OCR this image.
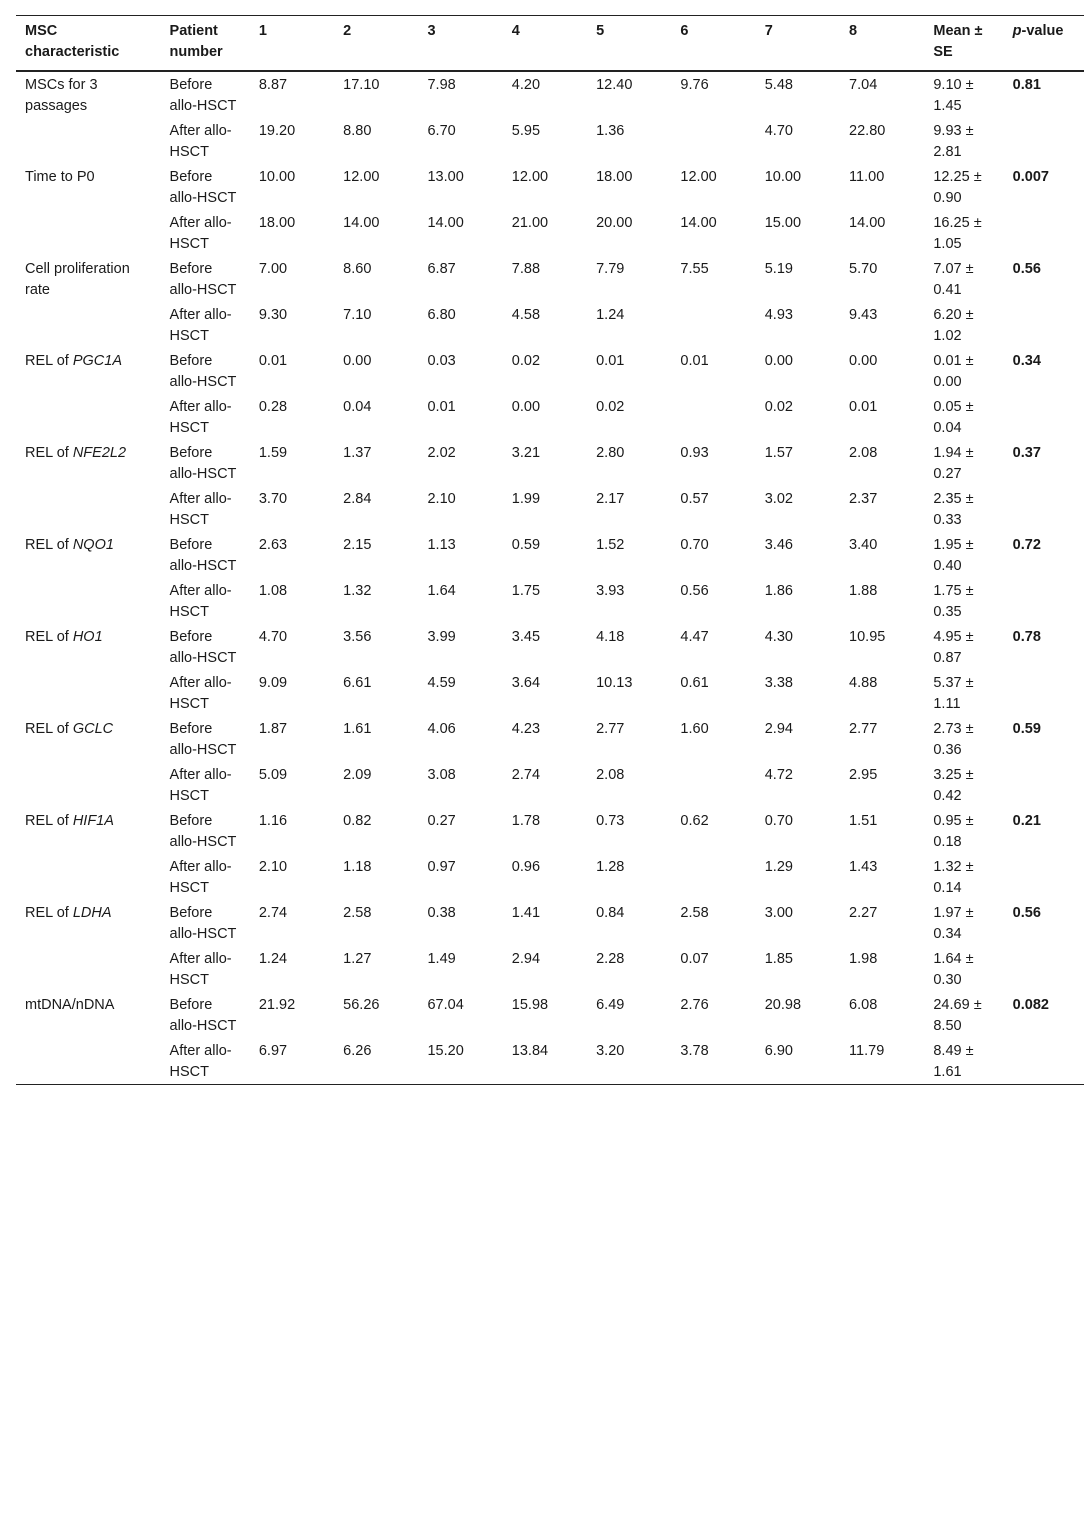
MSC characteristic	Patient number	1	2	3	4	5	6	7	8	Mean ± SE	p-value
MSCs for 3 passages	Before allo-HSCT	8.87	17.10	7.98	4.20	12.40	9.76	5.48	7.04	9.10 ± 1.45	0.81
	After allo-HSCT	19.20	8.80	6.70	5.95	1.36		4.70	22.80	9.93 ± 2.81	
Time to P0	Before allo-HSCT	10.00	12.00	13.00	12.00	18.00	12.00	10.00	11.00	12.25 ± 0.90	0.007
	After allo-HSCT	18.00	14.00	14.00	21.00	20.00	14.00	15.00	14.00	16.25 ± 1.05	
Cell proliferation rate	Before allo-HSCT	7.00	8.60	6.87	7.88	7.79	7.55	5.19	5.70	7.07 ± 0.41	0.56
	After allo-HSCT	9.30	7.10	6.80	4.58	1.24		4.93	9.43	6.20 ± 1.02	
REL of PGC1A	Before allo-HSCT	0.01	0.00	0.03	0.02	0.01	0.01	0.00	0.00	0.01 ± 0.00	0.34
	After allo-HSCT	0.28	0.04	0.01	0.00	0.02		0.02	0.01	0.05 ± 0.04	
REL of NFE2L2	Before allo-HSCT	1.59	1.37	2.02	3.21	2.80	0.93	1.57	2.08	1.94 ± 0.27	0.37
	After allo-HSCT	3.70	2.84	2.10	1.99	2.17	0.57	3.02	2.37	2.35 ± 0.33	
REL of NQO1	Before allo-HSCT	2.63	2.15	1.13	0.59	1.52	0.70	3.46	3.40	1.95 ± 0.40	0.72
	After allo-HSCT	1.08	1.32	1.64	1.75	3.93	0.56	1.86	1.88	1.75 ± 0.35	
REL of HO1	Before allo-HSCT	4.70	3.56	3.99	3.45	4.18	4.47	4.30	10.95	4.95 ± 0.87	0.78
	After allo-HSCT	9.09	6.61	4.59	3.64	10.13	0.61	3.38	4.88	5.37 ± 1.11	
REL of GCLC	Before allo-HSCT	1.87	1.61	4.06	4.23	2.77	1.60	2.94	2.77	2.73 ± 0.36	0.59
	After allo-HSCT	5.09	2.09	3.08	2.74	2.08		4.72	2.95	3.25 ± 0.42	
REL of HIF1A	Before allo-HSCT	1.16	0.82	0.27	1.78	0.73	0.62	0.70	1.51	0.95 ± 0.18	0.21
	After allo-HSCT	2.10	1.18	0.97	0.96	1.28		1.29	1.43	1.32 ± 0.14	
REL of LDHA	Before allo-HSCT	2.74	2.58	0.38	1.41	0.84	2.58	3.00	2.27	1.97 ± 0.34	0.56
	After allo-HSCT	1.24	1.27	1.49	2.94	2.28	0.07	1.85	1.98	1.64 ± 0.30	
mtDNA/nDNA	Before allo-HSCT	21.92	56.26	67.04	15.98	6.49	2.76	20.98	6.08	24.69 ± 8.50	0.082
	After allo-HSCT	6.97	6.26	15.20	13.84	3.20	3.78	6.90	11.79	8.49 ± 1.61	
